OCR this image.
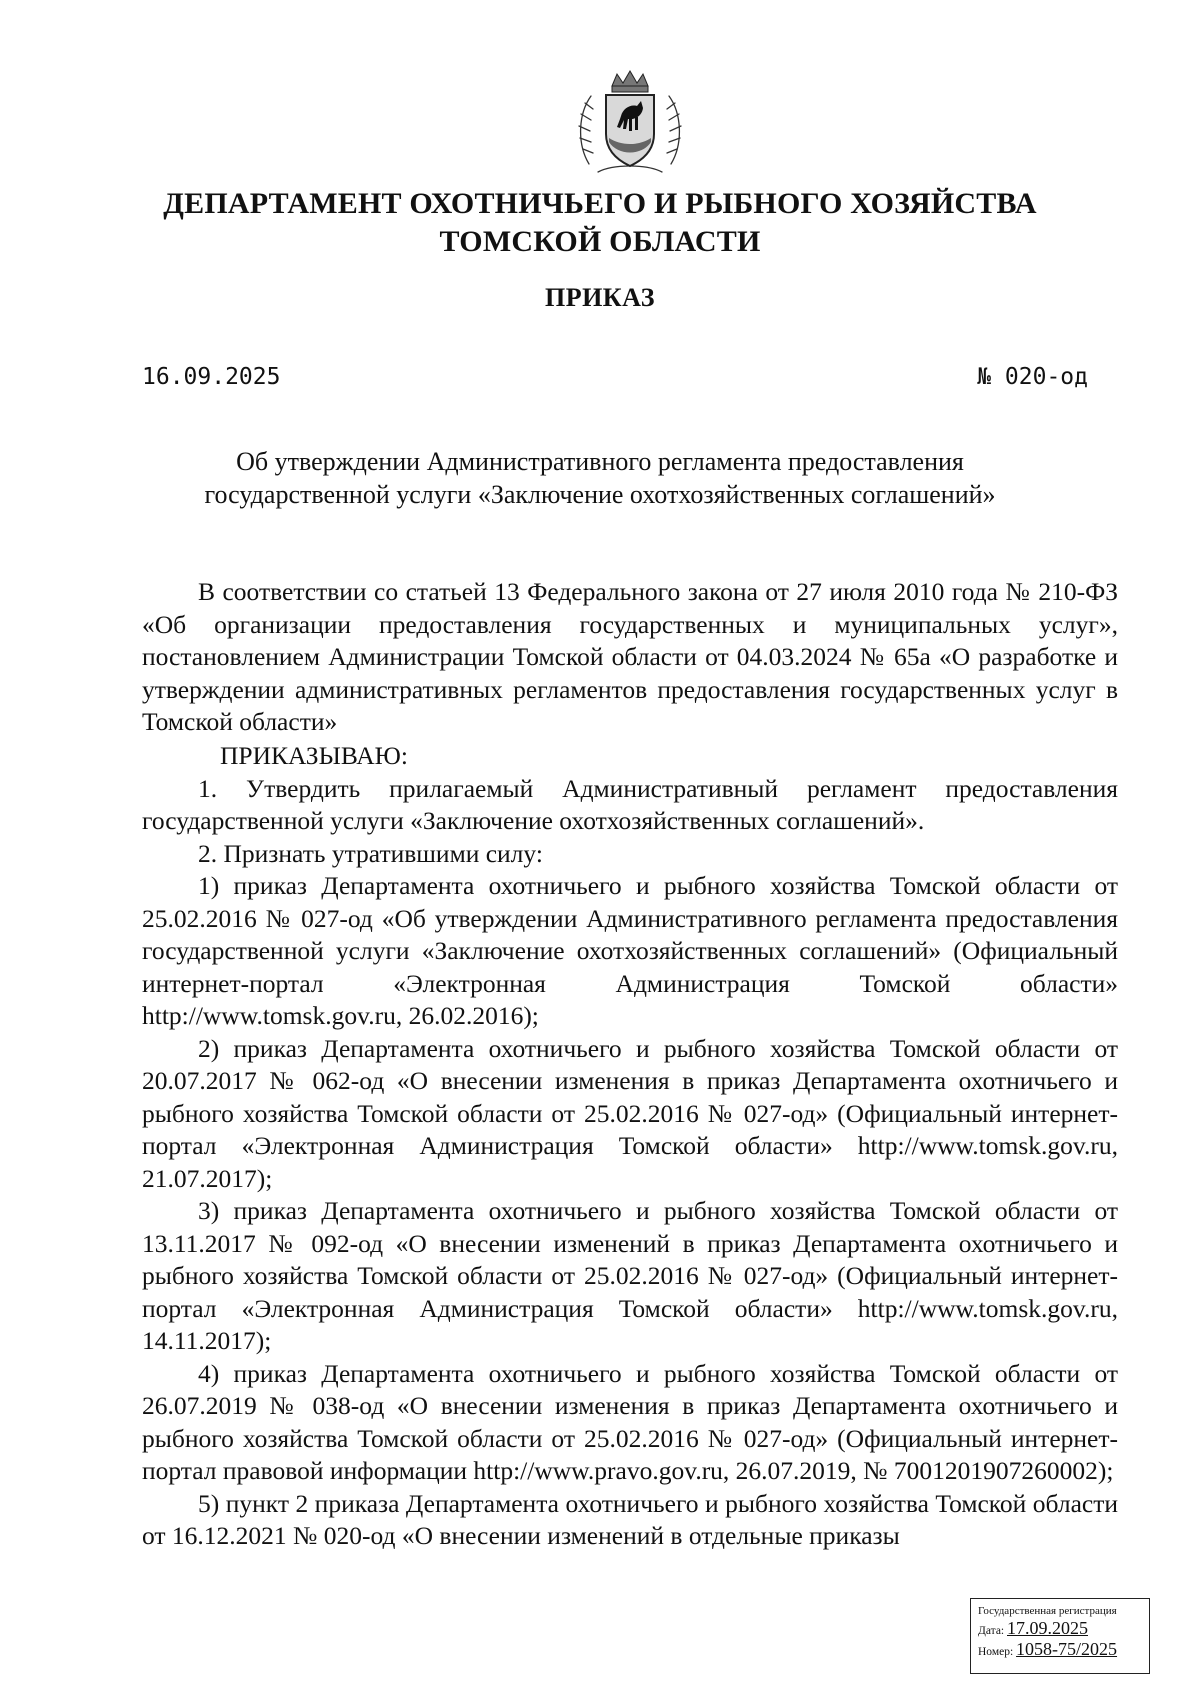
ДЕПАРТАМЕНТ ОХОТНИЧЬЕГО И РЫБНОГО ХОЗЯЙСТВА
ТОМСКОЙ ОБЛАСТИ
ПРИКАЗ
16.09.2025	№ 020-од
Об утверждении Административного регламента предоставления
государственной услуги «Заключение охотхозяйственных соглашений»

В соответствии со статьей 13 Федерального закона от 27 июля 2010 года № 210-ФЗ «Об организации предоставления государственных и муниципальных услуг», постановлением Администрации Томской области от 04.03.2024 № 65а «О разработке и утверждении административных регламентов предоставления государственных услуг в Томской области»

ПРИКАЗЫВАЮ:

1. Утвердить прилагаемый Административный регламент предоставления государственной услуги «Заключение охотхозяйственных соглашений».

2. Признать утратившими силу:

1) приказ Департамента охотничьего и рыбного хозяйства Томской области от 25.02.2016 № 027-од «Об утверждении Административного регламента предоставления государственной услуги «Заключение охотхозяйственных соглашений» (Официальный интернет-портал «Электронная Администрация Томской области» http://www.tomsk.gov.ru, 26.02.2016);

2) приказ Департамента охотничьего и рыбного хозяйства Томской области от 20.07.2017 № 062-од «О внесении изменения в приказ Департамента охотничьего и рыбного хозяйства Томской области от 25.02.2016 № 027-од» (Официальный интернет-портал «Электронная Администрация Томской области» http://www.tomsk.gov.ru, 21.07.2017);

3) приказ Департамента охотничьего и рыбного хозяйства Томской области от 13.11.2017 № 092-од «О внесении изменений в приказ Департамента охотничьего и рыбного хозяйства Томской области от 25.02.2016 № 027-од» (Официальный интернет-портал «Электронная Администрация Томской области» http://www.tomsk.gov.ru, 14.11.2017);

4) приказ Департамента охотничьего и рыбного хозяйства Томской области от 26.07.2019 № 038-од «О внесении изменения в приказ Департамента охотничьего и рыбного хозяйства Томской области от 25.02.2016 № 027-од» (Официальный интернет-портал правовой информации http://www.pravo.gov.ru, 26.07.2019, № 7001201907260002);

5) пункт 2 приказа Департамента охотничьего и рыбного хозяйства Томской области от 16.12.2021 № 020-од «О внесении изменений в отдельные приказы

Государственная регистрация
Дата: 17.09.2025
Номер: 1058-75/2025
